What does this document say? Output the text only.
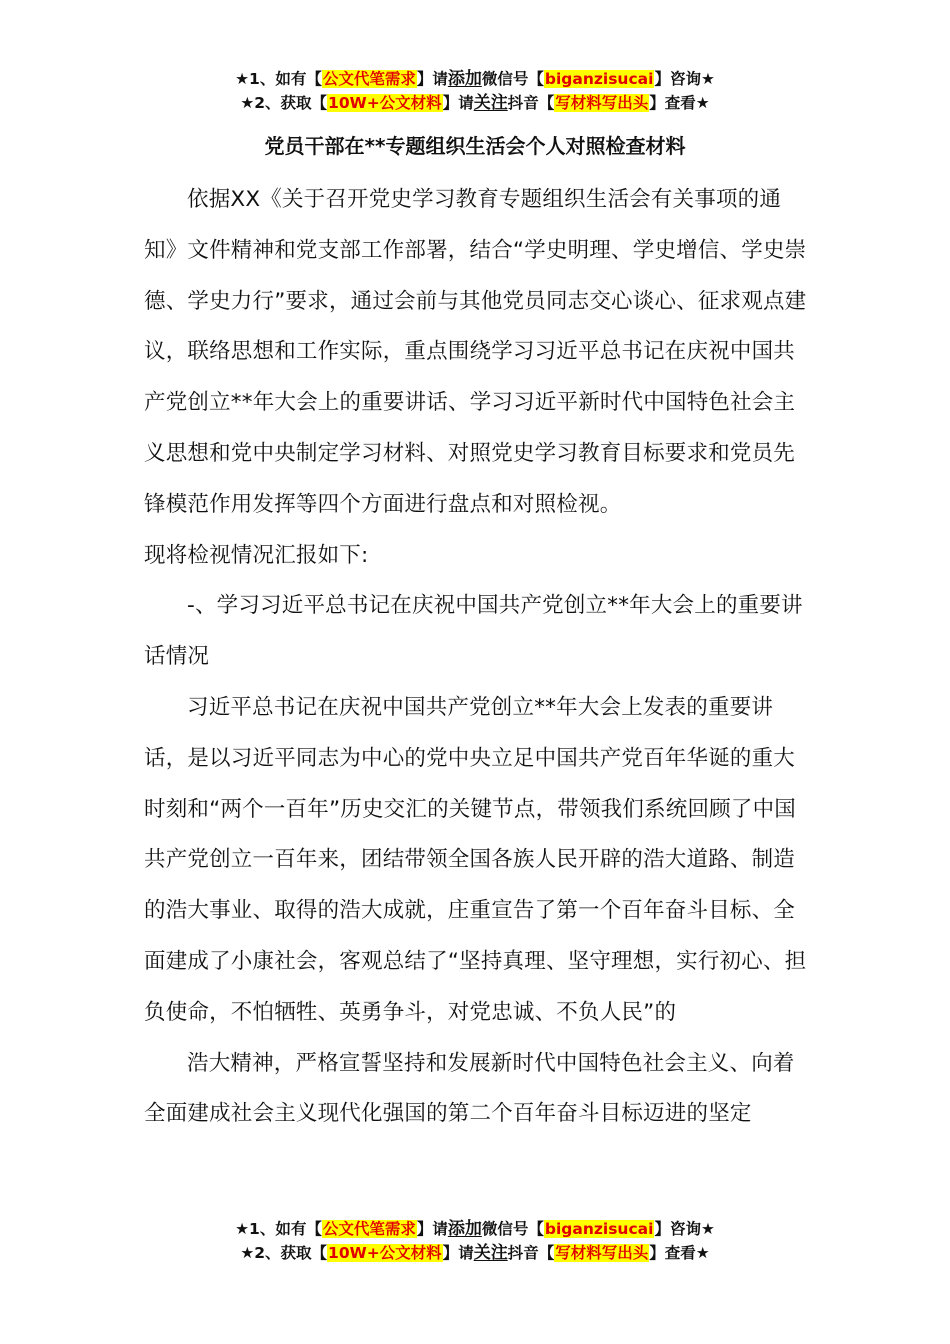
★1、如有【公文代笔需求】请添加微信号【biganzisucai】咨询★
★2、获取【10W+公文材料】请关注抖音【写材料写出头】查看★
党员干部在**专题组织生活会个人对照检查材料

依据XX《关于召开党史学习教育专题组织生活会有关事项的通知》文件精神和党支部工作部署，结合“学史明理、学史增信、学史崇德、学史力行”要求，通过会前与其他党员同志交心谈心、征求观点建议，联络思想和工作实际，重点围绕学习习近平总书记在庆祝中国共产党创立**年大会上的重要讲话、学习习近平新时代中国特色社会主义思想和党中央制定学习材料、对照党史学习教育目标要求和党员先锋模范作用发挥等四个方面进行盘点和对照检视。

现将检视情况汇报如下:

-、学习习近平总书记在庆祝中国共产党创立**年大会上的重要讲话情况

习近平总书记在庆祝中国共产党创立**年大会上发表的重要讲话，是以习近平同志为中心的党中央立足中国共产党百年华诞的重大时刻和“两个一百年”历史交汇的关键节点，带领我们系统回顾了中国共产党创立一百年来，团结带领全国各族人民开辟的浩大道路、制造的浩大事业、取得的浩大成就，庄重宣告了第一个百年奋斗目标、全面建成了小康社会，客观总结了“坚持真理、坚守理想，实行初心、担负使命，不怕牺牲、英勇争斗，对党忠诚、不负人民”的

浩大精神，严格宣誓坚持和发展新时代中国特色社会主义、向着全面建成社会主义现代化强国的第二个百年奋斗目标迈进的坚定

★1、如有【公文代笔需求】请添加微信号【biganzisucai】咨询★
★2、获取【10W+公文材料】请关注抖音【写材料写出头】查看★
